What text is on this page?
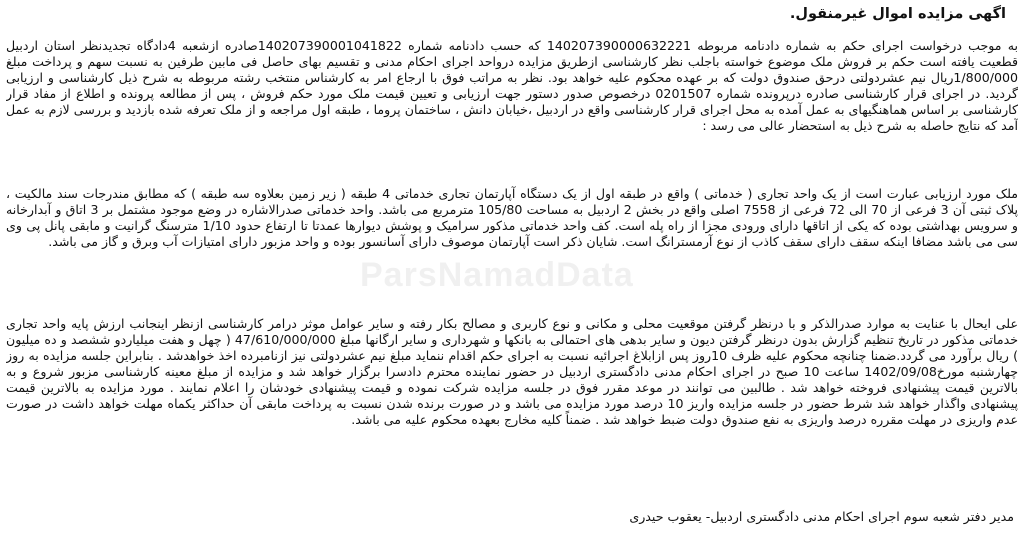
اگهی مزایده اموال غیرمنقول.

به موجب درخواست اجرای حکم به شماره دادنامه مربوطه 140207390000632221 که حسب دادنامه شماره 140207390001041822صادره ازشعبه 4دادگاه تجدیدنظر استان اردبیل قطعیت یافته است حکم بر فروش ملک موضوع خواسته باجلب نظر کارشناسی ازطریق مزایده درواحد اجرای احکام مدنی و تقسیم بهای حاصل فی مابین طرفین به نسبت سهم و پرداخت مبلغ 1/800/000ریال نیم عشردولتی درحق صندوق دولت که بر عهده محکوم علیه خواهد بود. نظر به مراتب فوق با ارجاع امر به کارشناس منتخب رشته مربوطه به شرح ذیل کارشناسی و ارزیابی گردید. در اجرای قرار کارشناسی صادره درپرونده شماره 0201507 درخصوص صدور دستور جهت ارزیابی و تعیین قیمت ملک مورد حکم فروش ، پس از مطالعه پرونده و اطلاع از مفاد قرار کارشناسی بر اساس هماهنگیهای به عمل آمده به محل اجرای قرار کارشناسی واقع در اردبیل ،خیابان دانش ، ساختمان پروما ، طبقه اول مراجعه و از ملک تعرفه شده بازدید و بررسی لازم به عمل آمد که نتایج حاصله به شرح ذیل به استحضار عالی می رسد :

ملک مورد ارزیابی عبارت است از یک واحد تجاری ( خدماتی ) واقع در طبقه اول از یک دستگاه آپارتمان تجاری خدماتی 4 طبقه ( زیر زمین بعلاوه سه طبقه ) که مطابق مندرجات سند مالکیت ، پلاک ثبتی آن 3 فرعی از 70 الی 72 فرعی از 7558 اصلی واقع در بخش 2 اردبیل به مساحت 105/80 مترمربع می باشد. واحد خدماتی صدرالاشاره در وضع موجود مشتمل بر 3 اتاق و آبدارخانه و سرویس بهداشتی بوده که یکی از اتاقها دارای ورودی مجزا از راه پله است. کف واحد خدماتی مذکور سرامیک و پوشش دیوارها عمدتا تا ارتفاع حدود 1/10 مترسنگ گرانیت و مابقی پانل پی وی سی می باشد مضافا اینکه سقف دارای سقف کاذب از نوع آرمسترانگ است. شایان ذکر است آپارتمان موصوف دارای آسانسور بوده و واحد مزبور دارای امتیازات آب وبرق و گاز می باشد.

علی ایحال با عنایت به موارد صدرالذکر و با درنظر گرفتن موقعیت محلی و مکانی و نوع کاربری و مصالح بکار رفته و سایر عوامل موثر درامر کارشناسی ازنظر اینجانب ارزش پایه واحد تجاری خدماتی مذکور در تاریخ تنظیم گزارش بدون درنظر گرفتن دیون و سایر بدهی های احتمالی به بانکها و شهرداری و سایر ارگانها مبلغ 47/610/000/000 ( چهل و هفت میلیاردو ششصد و ده میلیون ) ریال برآورد می گردد.ضمنا چنانچه محکوم علیه ظرف 10روز پس ازابلاغ اجرائیه نسبت به اجرای حکم اقدام ننماید مبلغ نیم عشردولتی نیز ازنامبرده اخذ خواهدشد . بنابراین جلسه مزایده به روز چهارشنبه مورخ1402/09/08 ساعت 10 صبح در اجرای احکام مدنی دادگستری اردبیل در حضور نماینده محترم دادسرا برگزار خواهد شد و مزایده از مبلغ معینه کارشناسی مزبور شروع و به بالاترین قیمت پیشنهادی فروخته خواهد شد . طالبین می توانند در موعد مقرر فوق در جلسه مزایده شرکت نموده و قیمت پیشنهادی خودشان را اعلام نمایند . مورد مزایده به بالاترین قیمت پیشنهادی واگذار خواهد شد شرط حضور در جلسه مزایده واریز 10 درصد مورد مزایده می باشد و در صورت برنده شدن نسبت به پرداخت مابقی آن حداکثر یکماه مهلت خواهد داشت در صورت عدم واریزی در مهلت مقرره درصد واریزی به نفع صندوق دولت ضبط خواهد شد . ضمناً کلیه مخارج بعهده محکوم علیه می باشد.

ParsNamadData
مدیر دفتر شعبه سوم اجرای احکام مدنی دادگستری اردبیل- یعقوب حیدری
